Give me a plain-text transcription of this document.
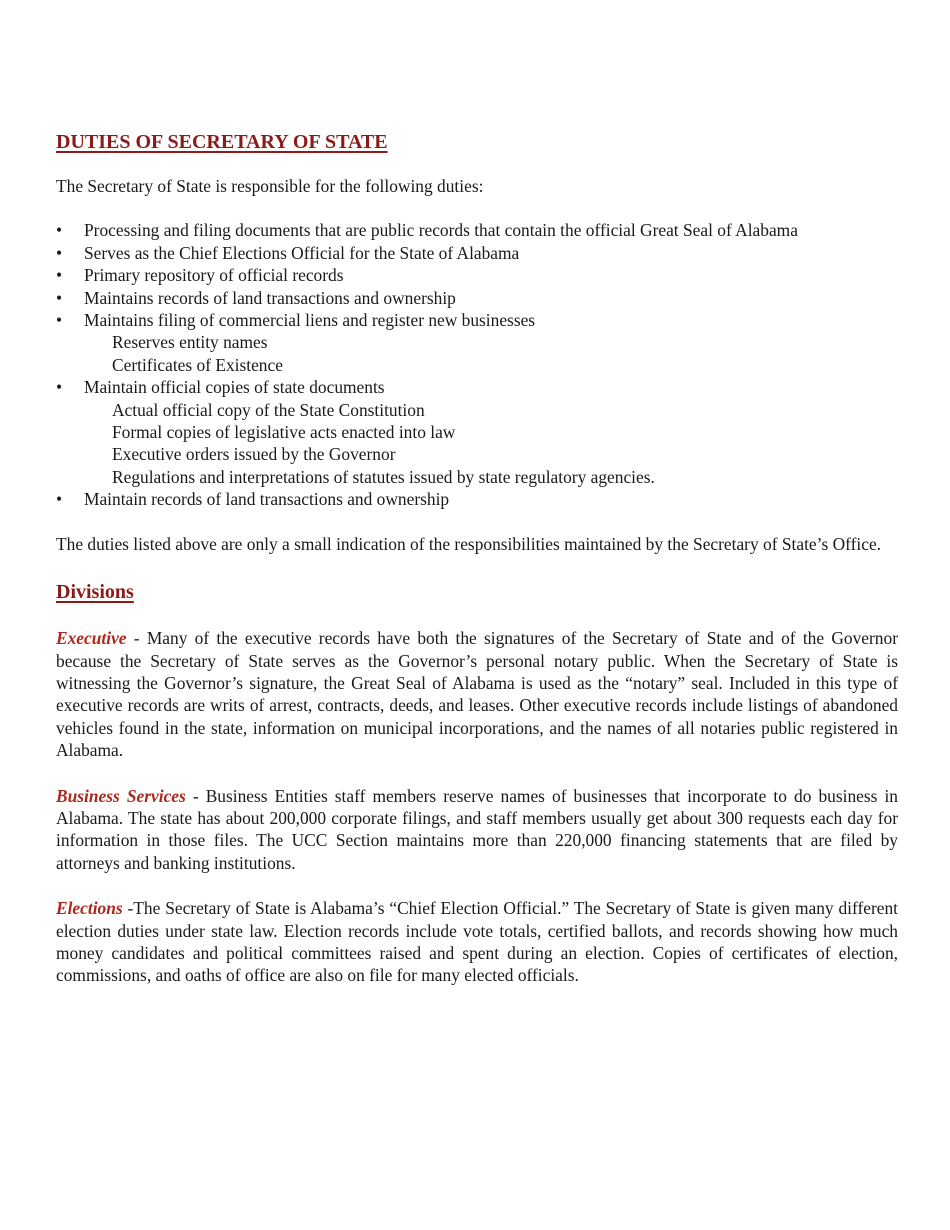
DUTIES OF SECRETARY OF STATE

The Secretary of State is responsible for the following duties:

• Processing and filing documents that are public records that contain the official Great Seal of Alabama
• Serves as the Chief Elections Official for the State of Alabama
• Primary repository of official records
• Maintains records of land transactions and ownership
• Maintains filing of commercial liens and register new businesses
Reserves entity names
Certificates of Existence
• Maintain official copies of state documents
Actual official copy of the State Constitution
Formal copies of legislative acts enacted into law
Executive orders issued by the Governor
Regulations and interpretations of statutes issued by state regulatory agencies.
• Maintain records of land transactions and ownership

The duties listed above are only a small indication of the responsibilities maintained by the Secretary of State’s Office.

Divisions

Executive - Many of the executive records have both the signatures of the Secretary of State and of the Governor because the Secretary of State serves as the Governor’s personal notary public. When the Secretary of State is witnessing the Governor’s signature, the Great Seal of Alabama is used as the “notary” seal. Included in this type of executive records are writs of arrest, contracts, deeds, and leases. Other executive records include listings of abandoned vehicles found in the state, information on municipal incorporations, and the names of all notaries public registered in Alabama.

Business Services - Business Entities staff members reserve names of businesses that incorporate to do business in Alabama. The state has about 200,000 corporate filings, and staff members usually get about 300 requests each day for information in those files. The UCC Section maintains more than 220,000 financing statements that are filed by attorneys and banking institutions.

Elections -The Secretary of State is Alabama’s “Chief Election Official.” The Secretary of State is given many different election duties under state law. Election records include vote totals, certified ballots, and records showing how much money candidates and political committees raised and spent during an election. Copies of certificates of election, commissions, and oaths of office are also on file for many elected officials.
